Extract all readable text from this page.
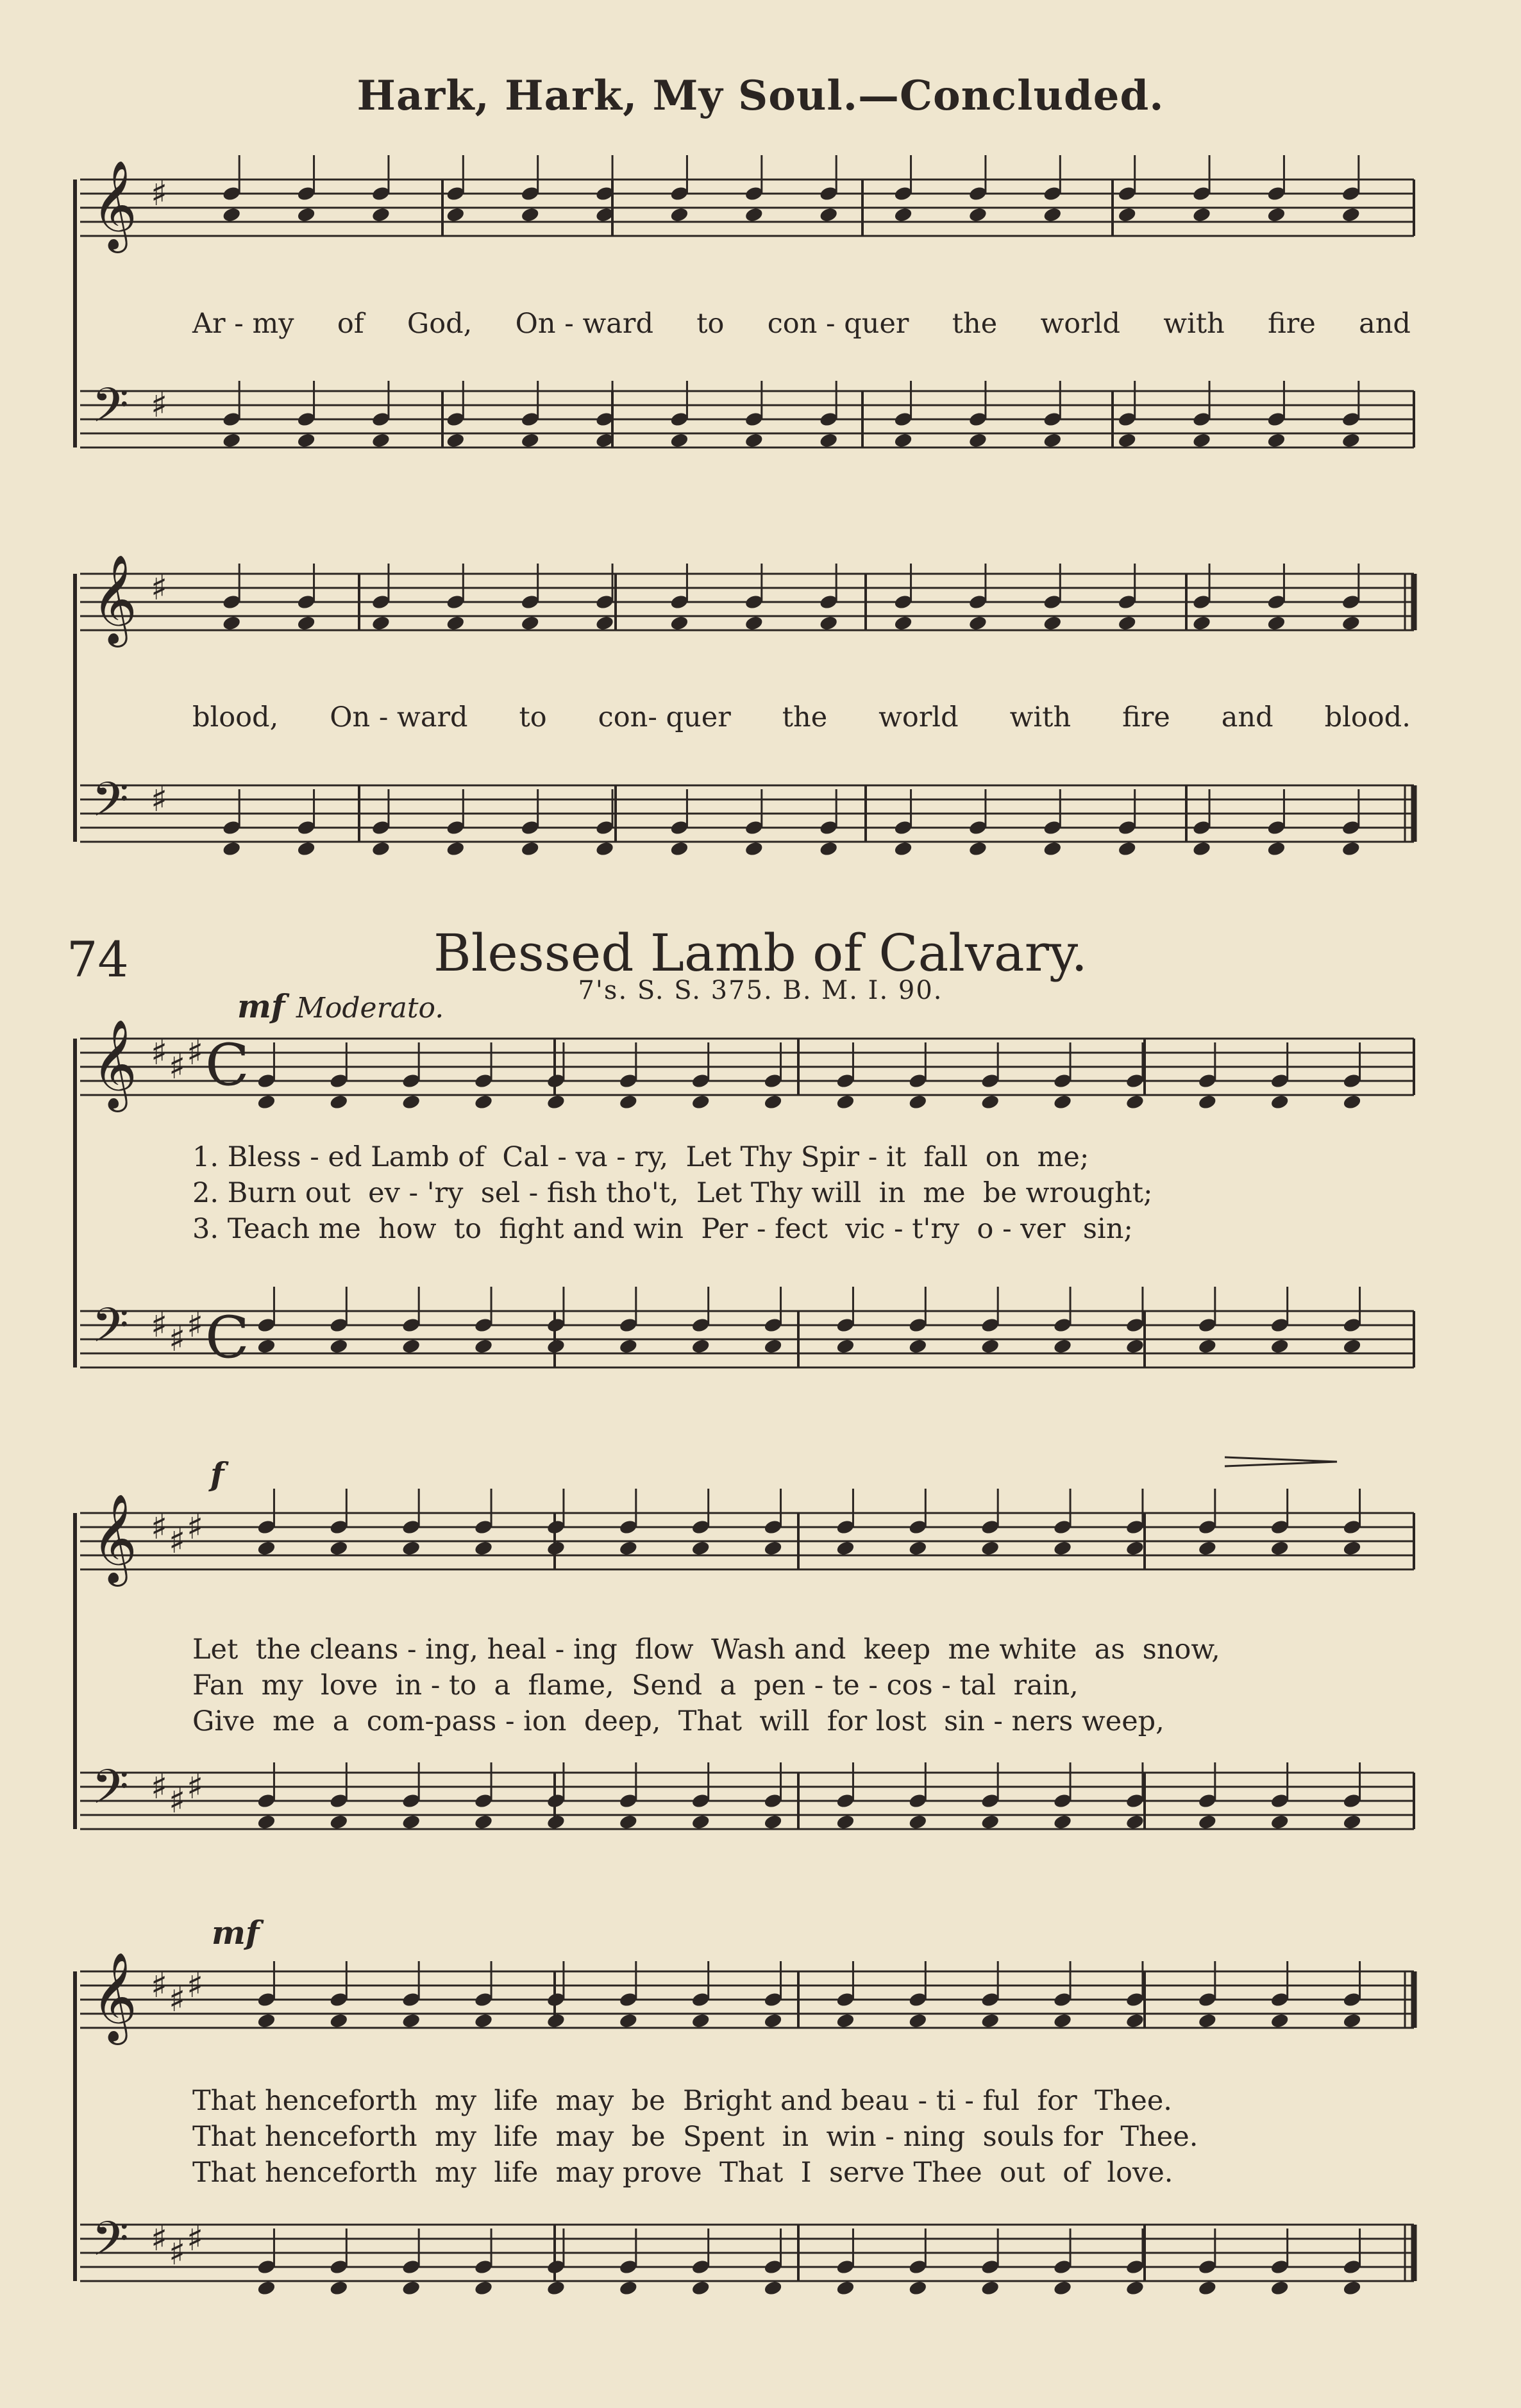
Hark, Hark, My Soul.—Concluded.
74	Blessed Lamb of Calvary.
7's. S. S. 375. B. M. I. 90.
mf Moderato.
f
mf
𝄞 ♯
𝄢 ♯
𝄞 ♯
𝄢 ♯
𝄞 ♯ ♯ ♯
𝄢 ♯ ♯ ♯
𝄞 ♯ ♯ ♯
𝄢 ♯ ♯ ♯
𝄞 ♯ ♯ ♯
𝄢 ♯ ♯ ♯
C
C
Ar - my of God, On - ward to con - quer the world with fire and
blood, On - ward to con- quer the world with fire and blood.
1. Bless - ed Lamb of  Cal - va - ry,  Let Thy Spir - it  fall  on  me;
2. Burn out  ev - 'ry  sel - fish tho't,  Let Thy will  in  me  be wrought;
3. Teach me  how  to  fight and win  Per - fect  vic - t'ry  o - ver  sin;
Let  the cleans - ing, heal - ing  flow  Wash and  keep  me white  as  snow,
Fan  my  love  in - to  a  flame,  Send  a  pen - te - cos - tal  rain,
Give  me  a  com-pass - ion  deep,  That  will  for lost  sin - ners weep,
That henceforth  my  life  may  be  Bright and beau - ti - ful  for  Thee.
That henceforth  my  life  may  be  Spent  in  win - ning  souls for  Thee.
That henceforth  my  life  may prove  That  I  serve Thee  out  of  love.
